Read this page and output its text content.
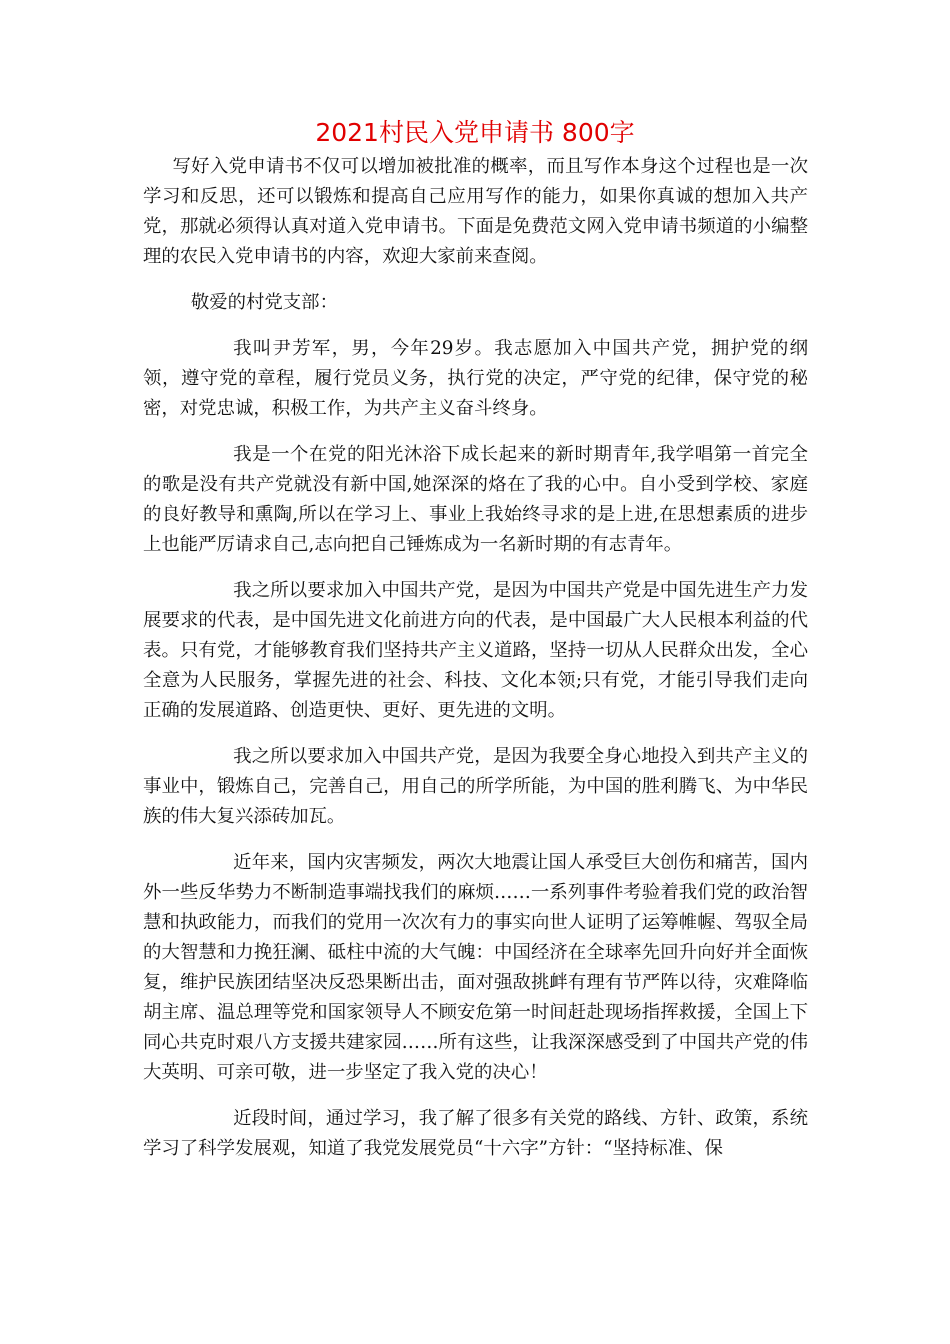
2021村民入党申请书 800字

写好入党申请书不仅可以增加被批准的概率，而且写作本身这个过程也是一次学习和反思，还可以锻炼和提高自己应用写作的能力，如果你真诚的想加入共产党，那就必须得认真对道入党申请书。下面是免费范文网入党申请书频道的小编整理的农民入党申请书的内容，欢迎大家前来查阅。

敬爱的村党支部：

我叫尹芳军，男，今年29岁。我志愿加入中国共产党，拥护党的纲领，遵守党的章程，履行党员义务，执行党的决定，严守党的纪律，保守党的秘密，对党忠诚，积极工作，为共产主义奋斗终身。

我是一个在党的阳光沐浴下成长起来的新时期青年,我学唱第一首完全的歌是没有共产党就没有新中国,她深深的烙在了我的心中。自小受到学校、家庭的良好教导和熏陶,所以在学习上、事业上我始终寻求的是上进,在思想素质的进步上也能严厉请求自己,志向把自己锤炼成为一名新时期的有志青年。

我之所以要求加入中国共产党，是因为中国共产党是中国先进生产力发展要求的代表，是中国先进文化前进方向的代表，是中国最广大人民根本利益的代表。只有党，才能够教育我们坚持共产主义道路，坚持一切从人民群众出发，全心全意为人民服务，掌握先进的社会、科技、文化本领;只有党，才能引导我们走向正确的发展道路、创造更快、更好、更先进的文明。

我之所以要求加入中国共产党，是因为我要全身心地投入到共产主义的事业中，锻炼自己，完善自己，用自己的所学所能，为中国的胜利腾飞、为中华民族的伟大复兴添砖加瓦。

近年来，国内灾害频发，两次大地震让国人承受巨大创伤和痛苦，国内外一些反华势力不断制造事端找我们的麻烦……一系列事件考验着我们党的政治智慧和执政能力，而我们的党用一次次有力的事实向世人证明了运筹帷幄、驾驭全局的大智慧和力挽狂澜、砥柱中流的大气魄：中国经济在全球率先回升向好并全面恢复，维护民族团结坚决反恐果断出击，面对强敌挑衅有理有节严阵以待，灾难降临胡主席、温总理等党和国家领导人不顾安危第一时间赶赴现场指挥救援，全国上下同心共克时艰八方支援共建家园……所有这些，让我深深感受到了中国共产党的伟大英明、可亲可敬，进一步坚定了我入党的决心！

近段时间，通过学习，我了解了很多有关党的路线、方针、政策，系统学习了科学发展观，知道了我党发展党员“十六字”方针：“坚持标准、保
